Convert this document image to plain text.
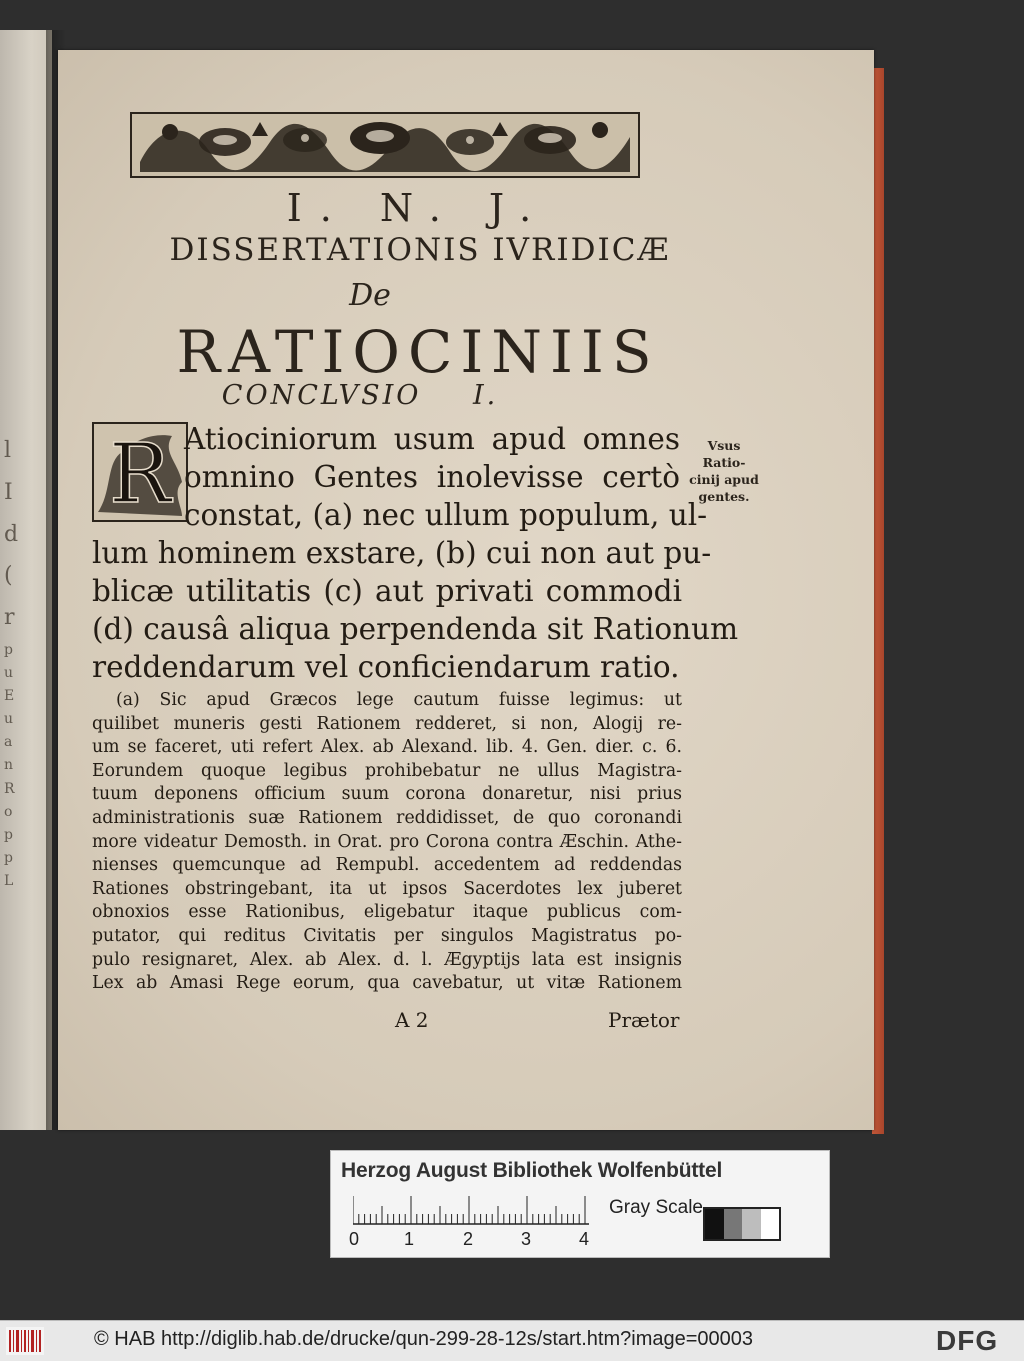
l
I
d
(
r
p
u
E
u
a
n
R
o
p
p
L
I. N. J.
DISSERTATIONIS IVRIDICÆ
De
RATIOCINIIS
CONCLVSIO I.
R Atiociniorum usum apud omnes
omnino Gentes inolevisse certò
constat, (a) nec ullum populum, ul-
lum hominem exstare, (b) cui non aut pu-
blicæ utilitatis (c) aut privati commodi
(d) causâ aliqua perpendenda sit Rationum
reddendarum vel conficiendarum ratio.
Vsus Ratio-
cinij apud
gentes.
(a) Sic apud Græcos lege cautum fuisse legimus: ut
quilibet muneris gesti Rationem redderet, si non, Alogij re-
um se faceret, uti refert Alex. ab Alexand. lib. 4. Gen. dier. c. 6.
Eorundem quoque legibus prohibebatur ne ullus Magistra-
tuum deponens officium suum corona donaretur, nisi prius
administrationis suæ Rationem reddidisset, de quo coronandi
more videatur Demosth. in Orat. pro Corona contra Æschin. Athe-
nienses quemcunque ad Rempubl. accedentem ad reddendas
Rationes obstringebant, ita ut ipsos Sacerdotes lex juberet
obnoxios esse Rationibus, eligebatur itaque publicus com-
putator, qui reditus Civitatis per singulos Magistratus po-
pulo resignaret, Alex. ab Alex. d. l. Ægyptijs lata est insignis
Lex ab Amasi Rege eorum, qua cavebatur, ut vitæ Rationem
A 2	Prætor
Herzog August Bibliothek Wolfenbüttel
0 1	2	3	4
Gray Scale
© HAB http://diglib.hab.de/drucke/qun-299-28-12s/start.htm?image=00003	DFG
